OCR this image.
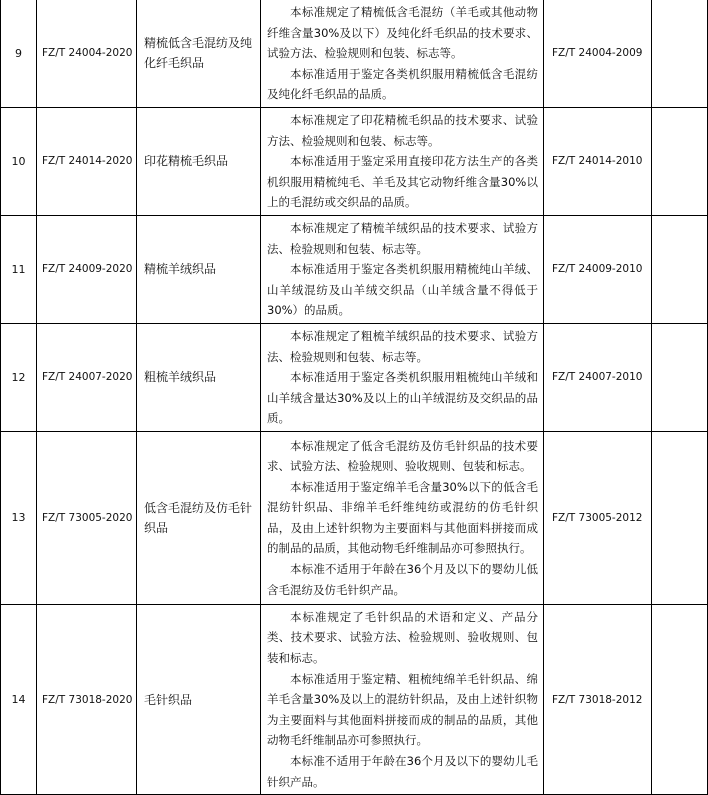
9	FZ/T 24004-2020	精梳低含毛混纺及纯化纤毛织品	本标准规定了精梳低含毛混纺（羊毛或其他动物纤维含量30%及以下）及纯化纤毛织品的技术要求、试验方法、检验规则和包装、标志等。

本标准适用于鉴定各类机织服用精梳低含毛混纺及纯化纤毛织品的品质。	FZ/T 24004-2009	
10	FZ/T 24014-2020	印花精梳毛织品	本标准规定了印花精梳毛织品的技术要求、试验方法、检验规则和包装、标志等。

本标准适用于鉴定采用直接印花方法生产的各类机织服用精梳纯毛、羊毛及其它动物纤维含量30%以上的毛混纺或交织品的品质。	FZ/T 24014-2010	
11	FZ/T 24009-2020	精梳羊绒织品	本标准规定了精梳羊绒织品的技术要求、试验方法、检验规则和包装、标志等。

本标准适用于鉴定各类机织服用精梳纯山羊绒、山羊绒混纺及山羊绒交织品（山羊绒含量不得低于30%）的品质。	FZ/T 24009-2010	
12	FZ/T 24007-2020	粗梳羊绒织品	本标准规定了粗梳羊绒织品的技术要求、试验方法、检验规则和包装、标志等。

本标准适用于鉴定各类机织服用粗梳纯山羊绒和山羊绒含量达30%及以上的山羊绒混纺及交织品的品质。	FZ/T 24007-2010	
13	FZ/T 73005-2020	低含毛混纺及仿毛针织品	本标准规定了低含毛混纺及仿毛针织品的技术要求、试验方法、检验规则、验收规则、包装和标志。

本标准适用于鉴定绵羊毛含量30%以下的低含毛混纺针织品、非绵羊毛纤维纯纺或混纺的仿毛针织品，及由上述针织物为主要面料与其他面料拼接而成的制品的品质，其他动物毛纤维制品亦可参照执行。

本标准不适用于年龄在36个月及以下的婴幼儿低含毛混纺及仿毛针织产品。	FZ/T 73005-2012	
14	FZ/T 73018-2020	毛针织品	本标准规定了毛针织品的术语和定义、产品分类、技术要求、试验方法、检验规则、验收规则、包装和标志。

本标准适用于鉴定精、粗梳纯绵羊毛针织品、绵羊毛含量30%及以上的混纺针织品，及由上述针织物为主要面料与其他面料拼接而成的制品的品质，其他动物毛纤维制品亦可参照执行。

本标准不适用于年龄在36个月及以下的婴幼儿毛针织产品。	FZ/T 73018-2012	
